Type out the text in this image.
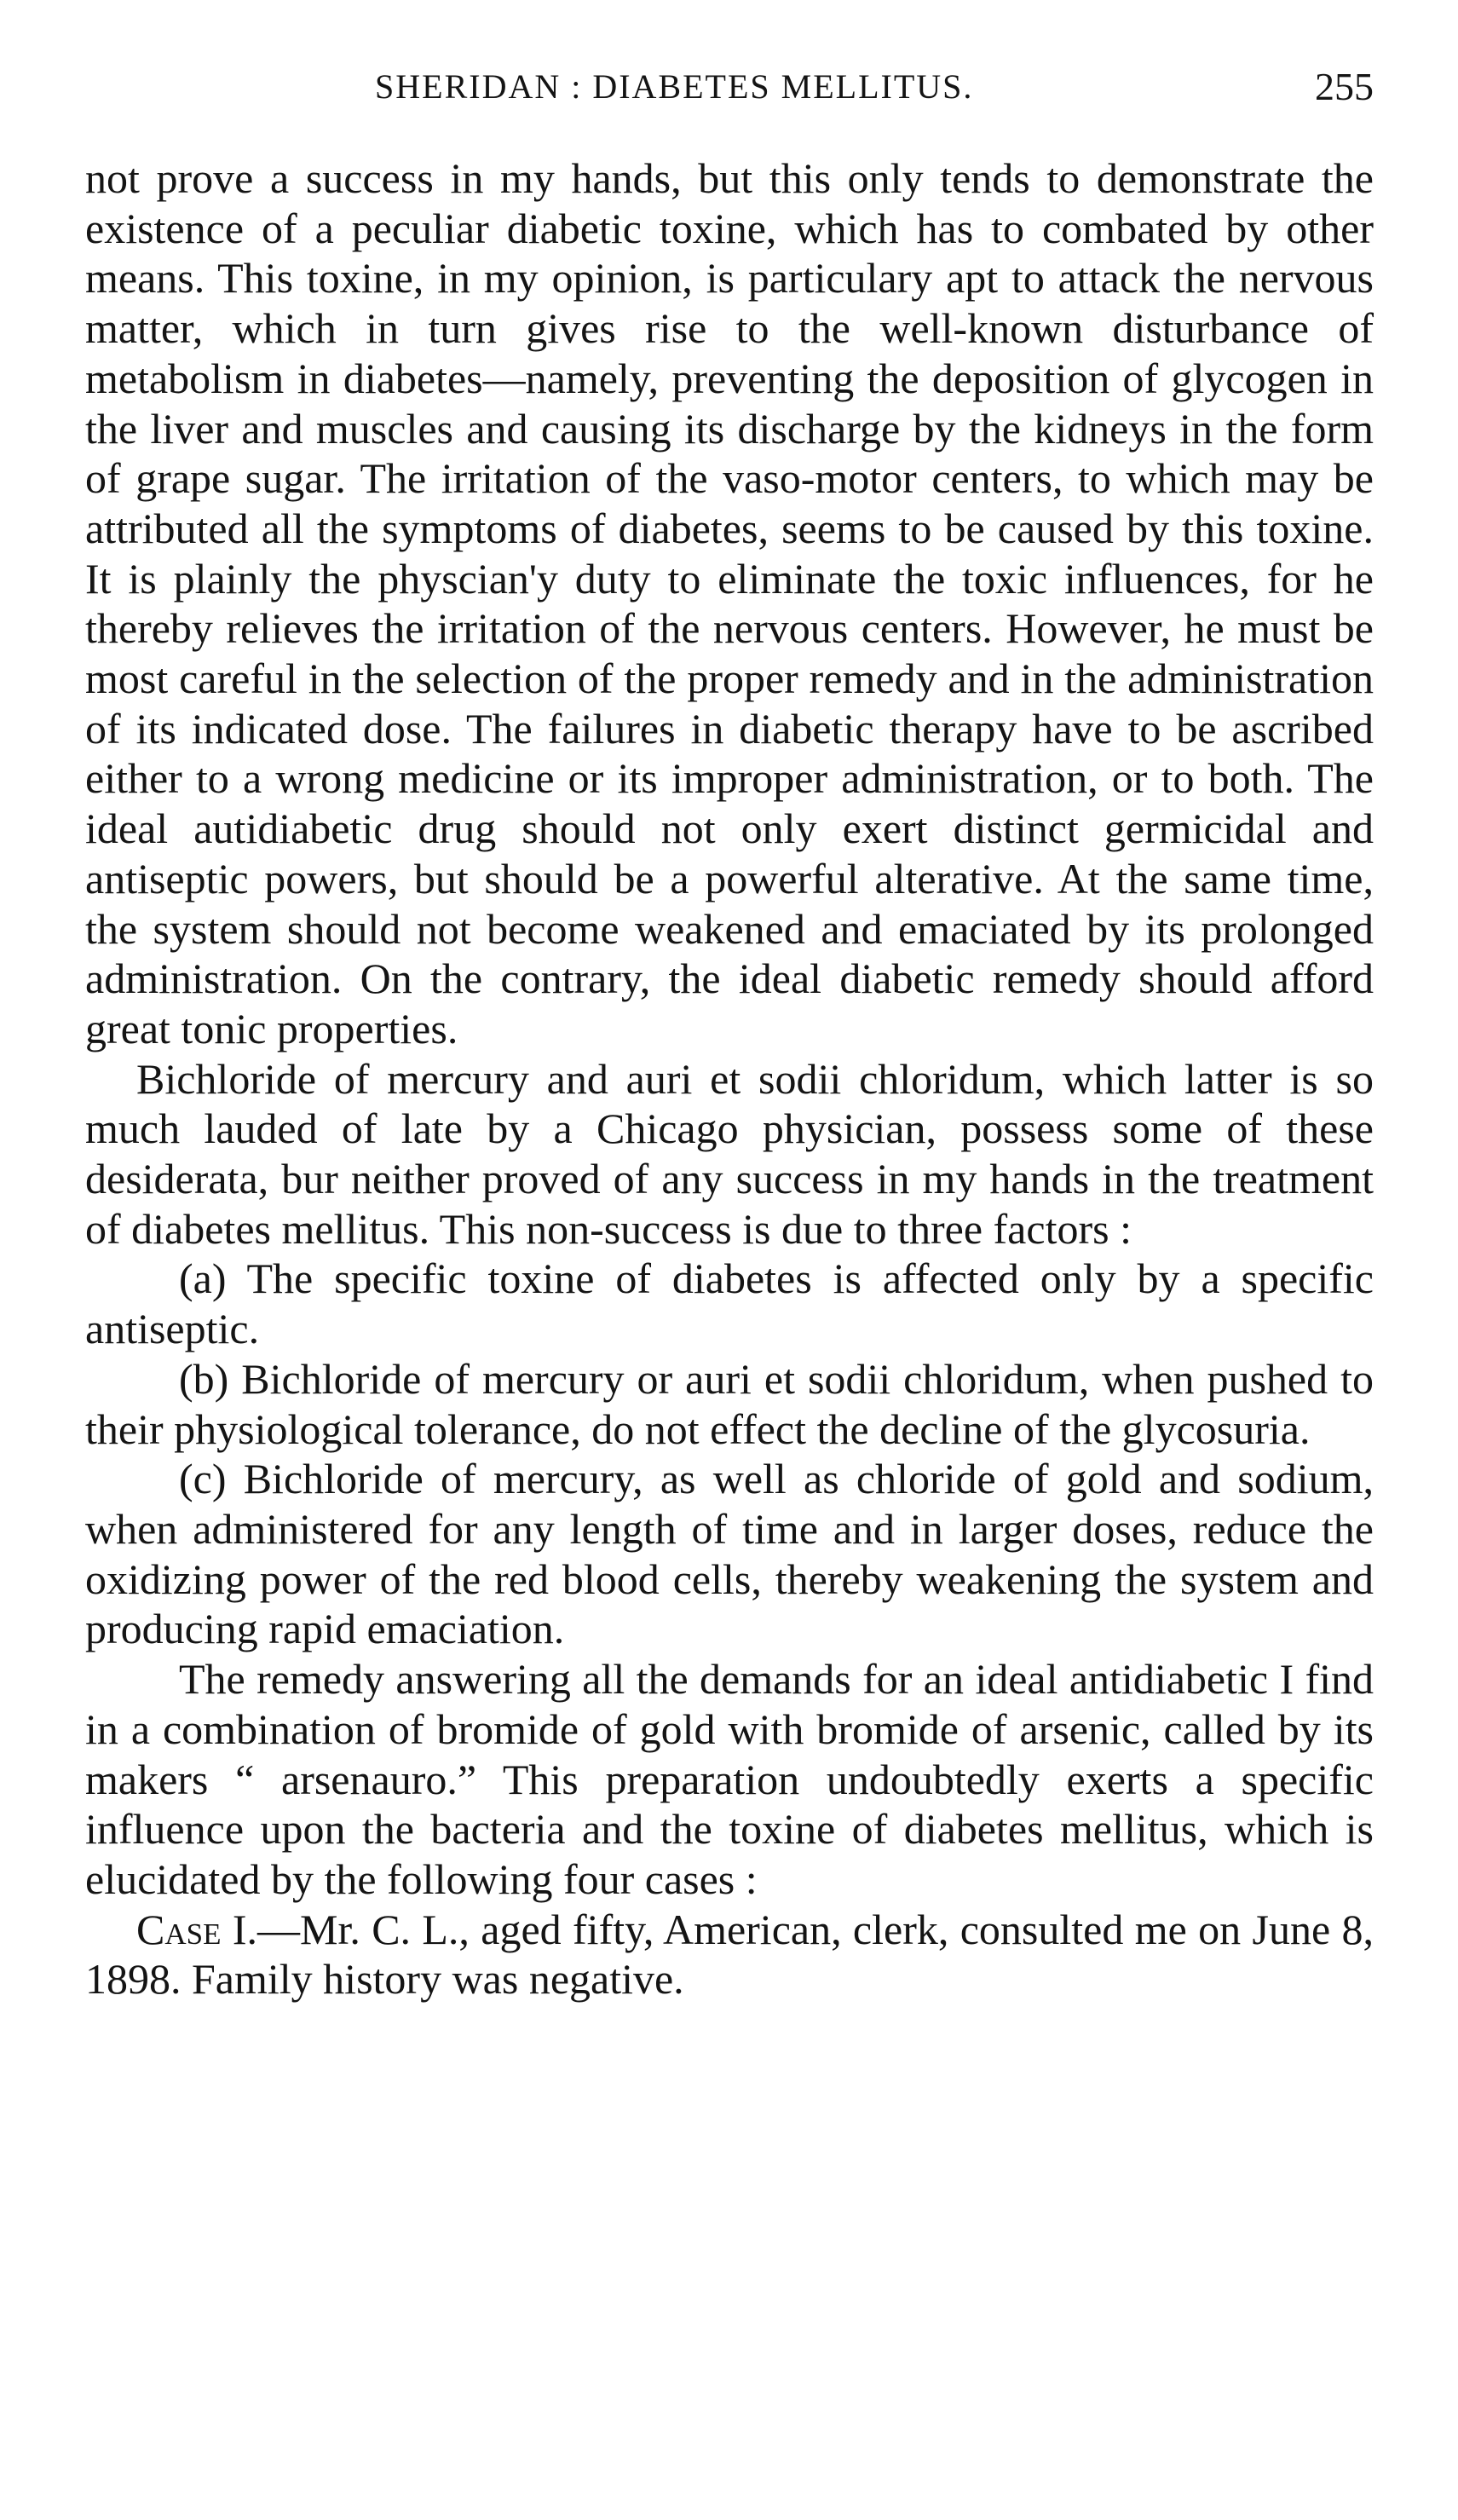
SHERIDAN : DIABETES MELLITUS.	255

not prove a success in my hands, but this only tends to demonstrate the existence of a peculiar diabetic toxine, which has to combated by other means. This toxine, in my opinion, is particulary apt to attack the nervous matter, which in turn gives rise to the well-known disturbance of metabolism in diabetes—namely, preventing the deposition of glycogen in the liver and muscles and causing its discharge by the kidneys in the form of grape sugar. The irritation of the vaso-motor centers, to which may be attributed all the symptoms of diabetes, seems to be caused by this toxine. It is plainly the physcian'y duty to eliminate the toxic influences, for he thereby relieves the irritation of the nervous centers. However, he must be most careful in the selection of the proper remedy and in the administration of its indicated dose. The failures in diabetic therapy have to be ascribed either to a wrong medicine or its improper administration, or to both. The ideal autidiabetic drug should not only exert distinct germicidal and antiseptic powers, but should be a powerful alterative. At the same time, the system should not become weakened and emaciated by its prolonged administration. On the contrary, the ideal diabetic remedy should afford great tonic properties.

Bichloride of mercury and auri et sodii chloridum, which latter is so much lauded of late by a Chicago physician, possess some of these desiderata, bur neither proved of any success in my hands in the treatment of diabetes mellitus. This non-success is due to three factors :

(a) The specific toxine of diabetes is affected only by a specific antiseptic.

(b) Bichloride of mercury or auri et sodii chloridum, when pushed to their physiological tolerance, do not effect the decline of the glycosuria.

(c) Bichloride of mercury, as well as chloride of gold and sodium, when administered for any length of time and in larger doses, reduce the oxidizing power of the red blood cells, thereby weakening the system and producing rapid emaciation.

The remedy answering all the demands for an ideal antidiabetic I find in a combination of bromide of gold with bromide of arsenic, called by its makers “ arsenauro.” This preparation undoubtedly exerts a specific influence upon the bacteria and the toxine of diabetes mellitus, which is elucidated by the following four cases :

Case I.—Mr. C. L., aged fifty, American, clerk, consulted me on June 8, 1898. Family history was negative.
